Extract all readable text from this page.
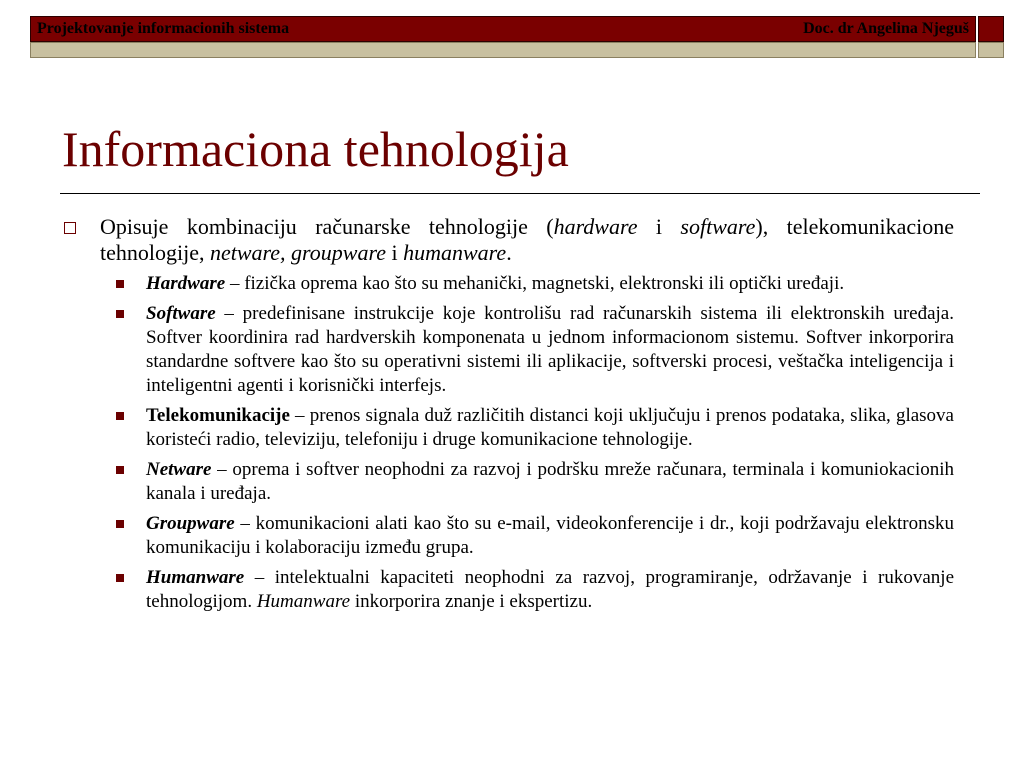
Projektovanje informacionih sistema	Doc. dr Angelina Njeguš
Informaciona tehnologija
Opisuje kombinaciju računarske tehnologije (hardware i software), telekomunikacione tehnologije, netware, groupware i humanware.
Hardware – fizička oprema kao što su mehanički, magnetski, elektronski ili optički uređaji.
Software – predefinisane instrukcije koje kontrolišu rad računarskih sistema ili elektronskih uređaja. Softver koordinira rad hardverskih komponenata u jednom informacionom sistemu. Softver inkorporira standardne softvere kao što su operativni sistemi ili aplikacije, softverski procesi, veštačka inteligencija i inteligentni agenti i korisnički interfejs.
Telekomunikacije – prenos signala duž različitih distanci koji uključuju i prenos podataka, slika, glasova koristeći radio, televiziju, telefoniju i druge komunikacione tehnologije.
Netware – oprema i softver neophodni za razvoj i podršku mreže računara, terminala i komuniokacionih kanala i uređaja.
Groupware – komunikacioni alati kao što su e-mail, videokonferencije i dr., koji podržavaju elektronsku komunikaciju i kolaboraciju između grupa.
Humanware – intelektualni kapaciteti neophodni za razvoj, programiranje, održavanje i rukovanje tehnologijom. Humanware inkorporira znanje i ekspertizu.
